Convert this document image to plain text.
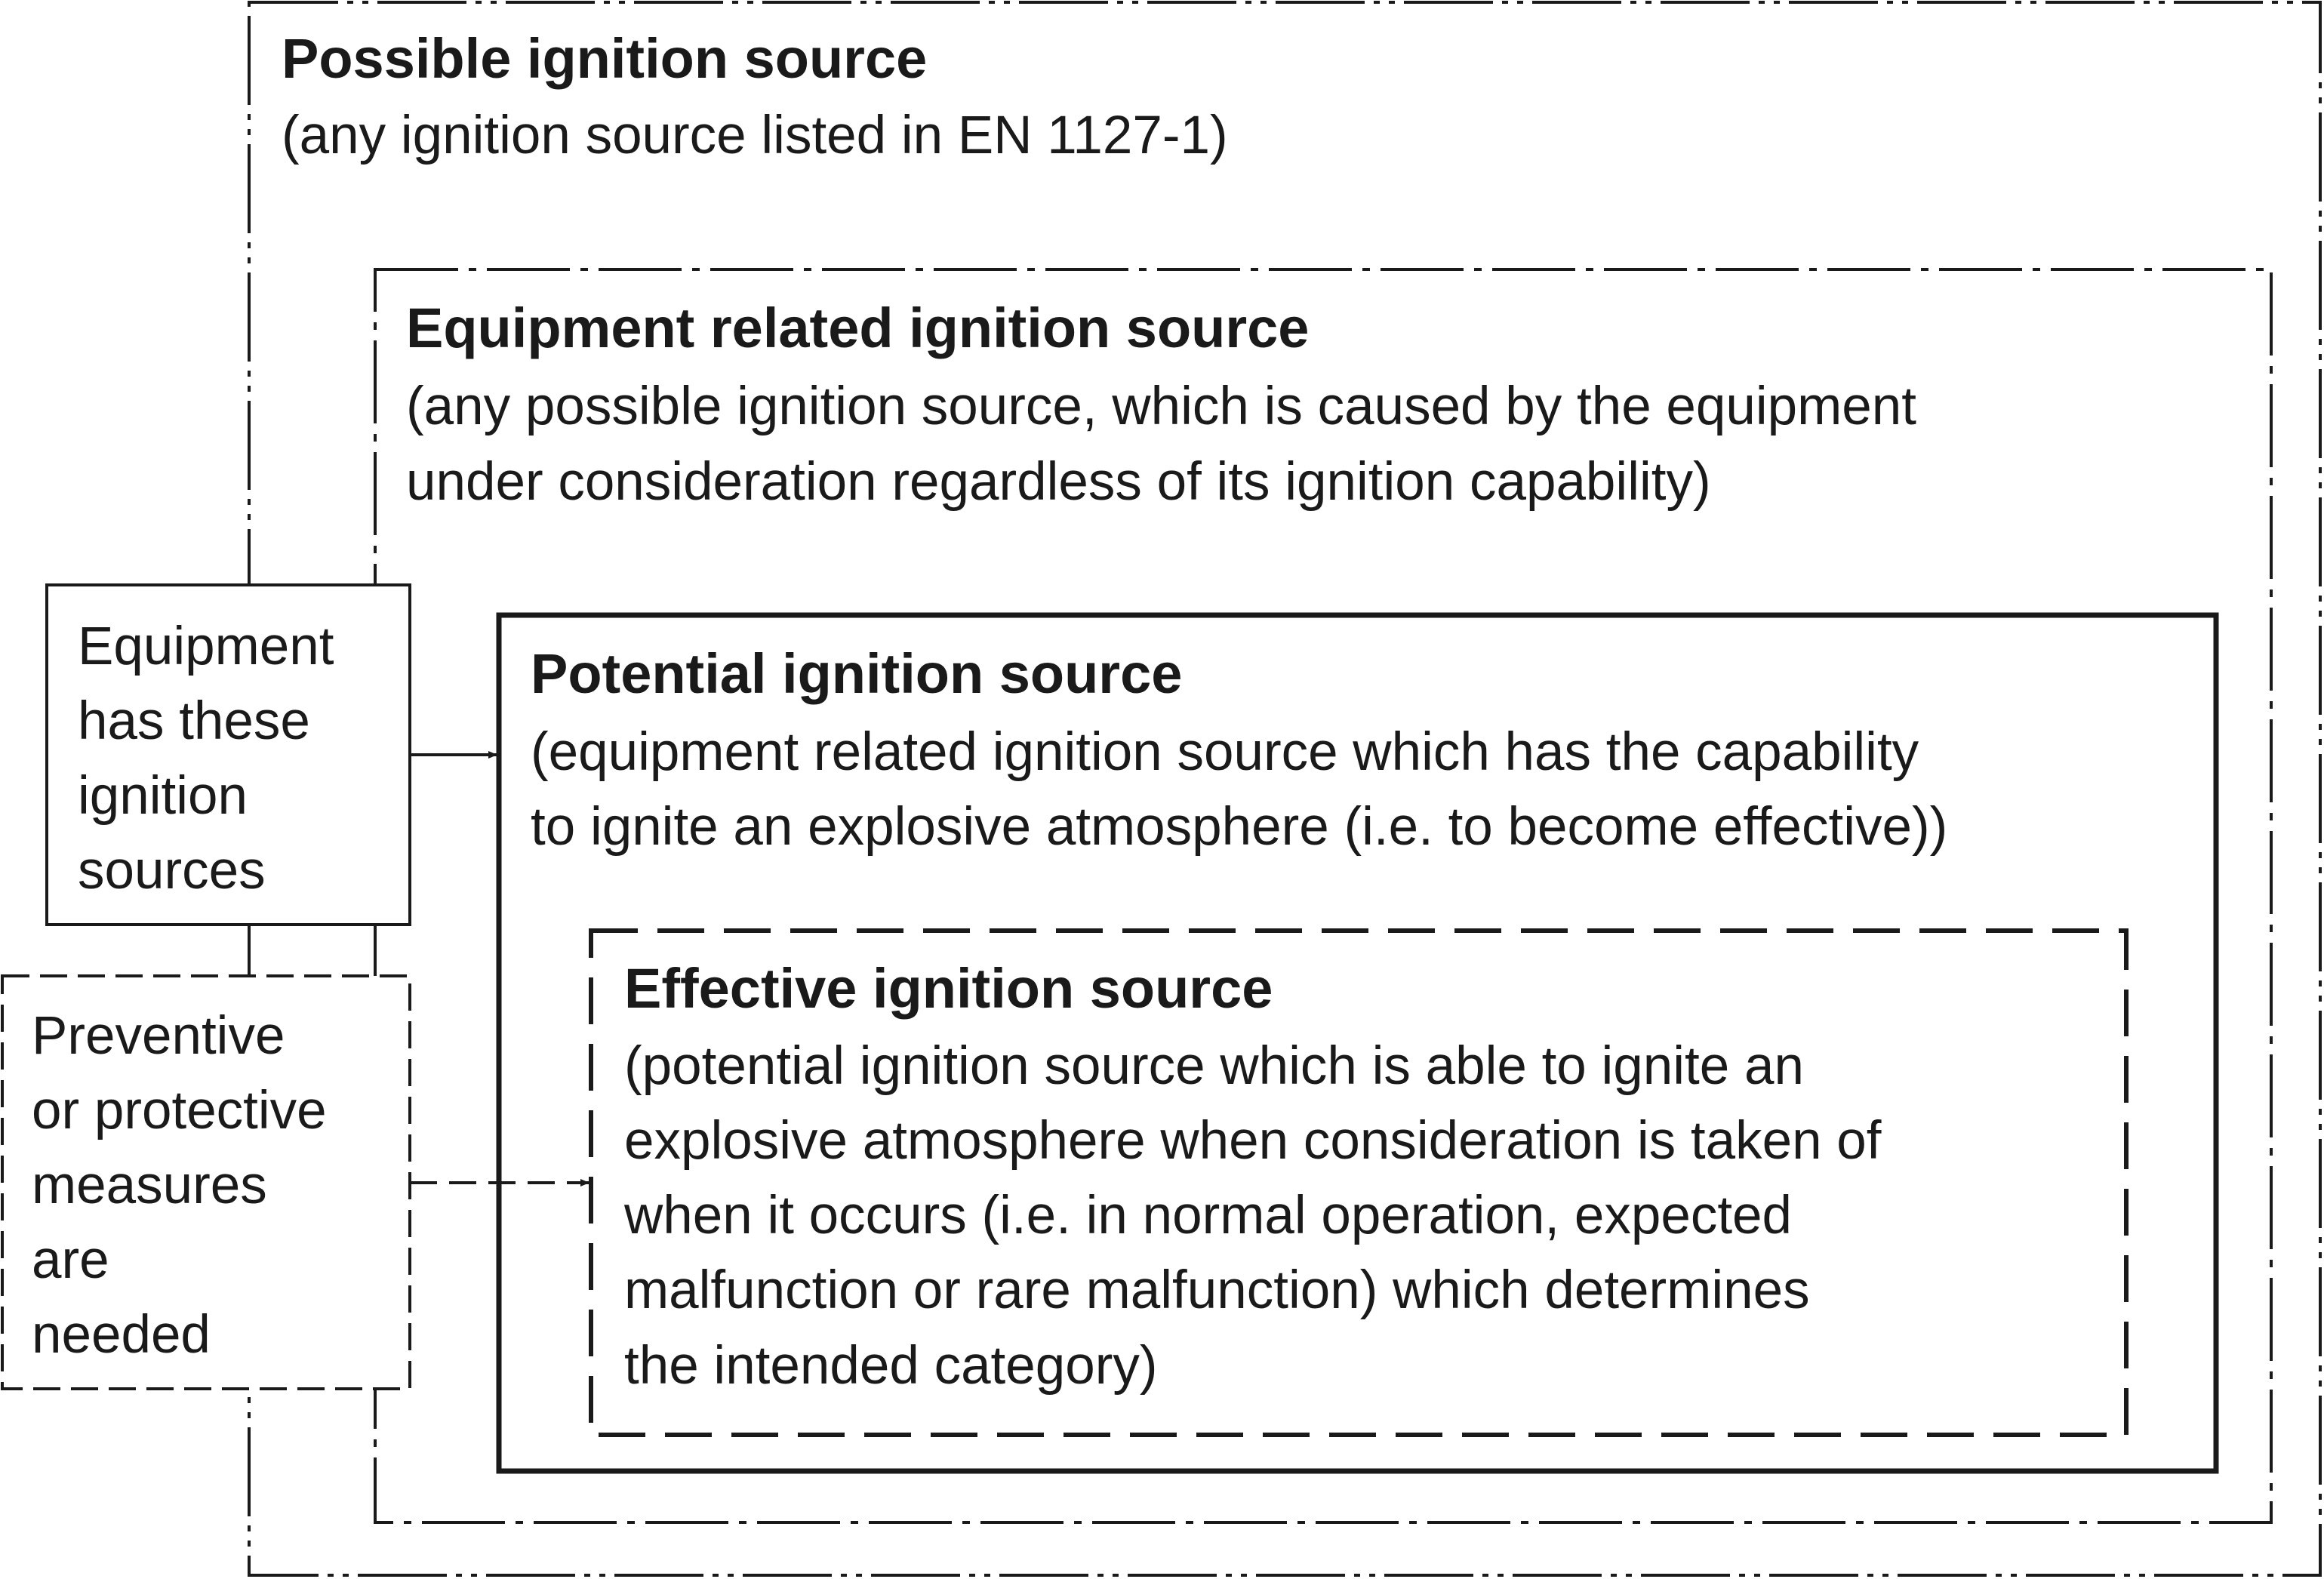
Possible ignition source
(any ignition source listed in EN 1127-1)
Equipment related ignition source
(any possible ignition source, which is caused by the equipment
under consideration regardless of its ignition capability)
Potential ignition source
(equipment related ignition source which has the capability
to ignite an explosive atmosphere (i.e. to become effective))
Effective ignition source
(potential ignition source which is able to ignite an
explosive atmosphere when consideration is taken of
when it occurs (i.e. in normal operation, expected
malfunction or rare malfunction) which determines
the intended category)
Equipment
has these
ignition
sources
Preventive
or protective
measures
are
needed
